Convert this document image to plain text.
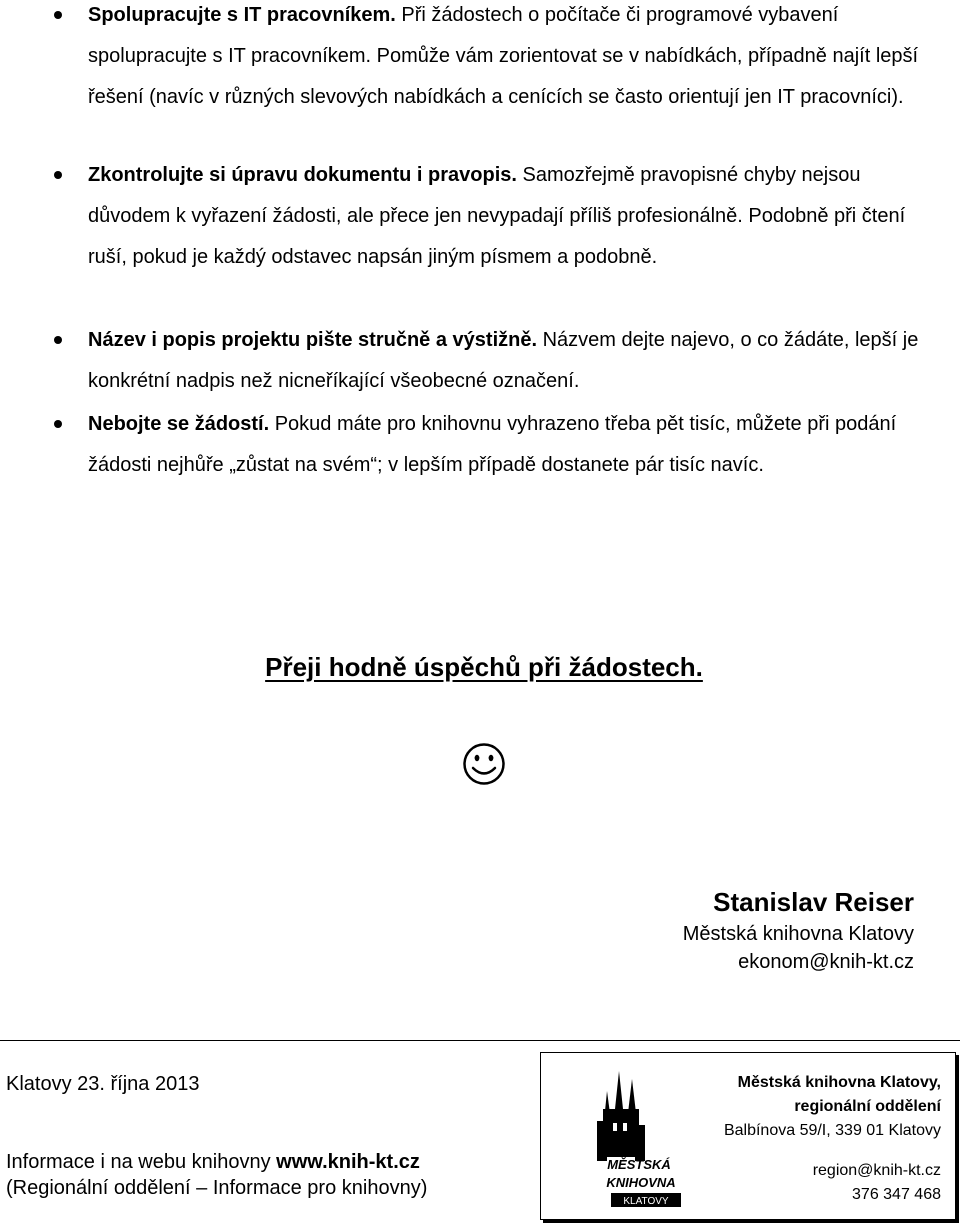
Spolupracujte s IT pracovníkem. Při žádostech o počítače či programové vybavení spolupracujte s IT pracovníkem. Pomůže vám zorientovat se v nabídkách, případně najít lepší řešení (navíc v různých slevových nabídkách a cenících se často orientují jen IT pracovníci).
Zkontrolujte si úpravu dokumentu i pravopis. Samozřejmě pravopisné chyby nejsou důvodem k vyřazení žádosti, ale přece jen nevypadají příliš profesionálně. Podobně při čtení ruší, pokud je každý odstavec napsán jiným písmem a podobně.
Název i popis projektu pište stručně a výstižně. Názvem dejte najevo, o co žádáte, lepší je konkrétní nadpis než nicneříkající všeobecné označení.
Nebojte se žádostí. Pokud máte pro knihovnu vyhrazeno třeba pět tisíc, můžete při podání žádosti nejhůře „zůstat na svém“; v lepším případě dostanete pár tisíc navíc.
Přeji hodně úspěchů při žádostech.
Stanislav Reiser
Městská knihovna Klatovy
ekonom@knih-kt.cz
Klatovy 23. října 2013
Informace i na webu knihovny www.knih-kt.cz
(Regionální oddělení – Informace pro knihovny)
MĚSTSKÁ
KNIHOVNA
KLATOVY
Městská knihovna Klatovy,
regionální oddělení
Balbínova 59/I, 339 01 Klatovy
region@knih-kt.cz
376 347 468
